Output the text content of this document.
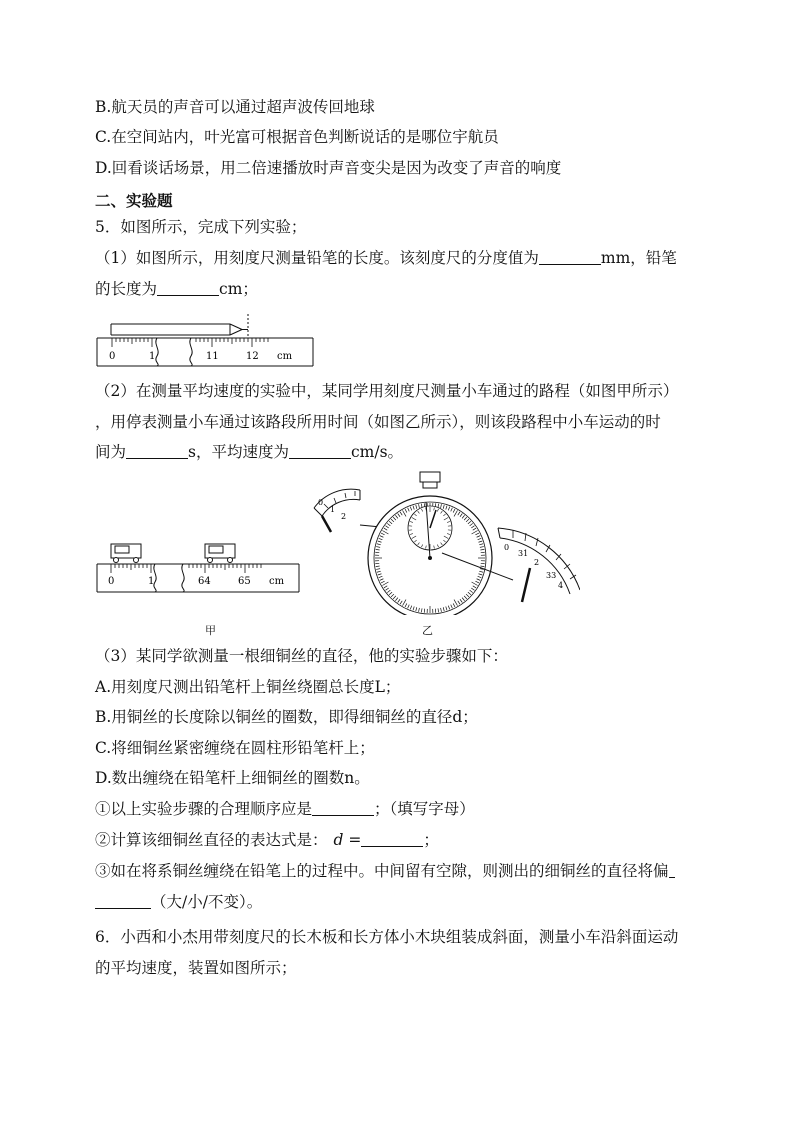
B.航天员的声音可以通过超声波传回地球
C.在空间站内，叶光富可根据音色判断说话的是哪位宇航员
D.回看谈话场景，用二倍速播放时声音变尖是因为改变了声音的响度
二、实验题
5．如图所示，完成下列实验；
（1）如图所示，用刻度尺测量铅笔的长度。该刻度尺的分度值为	mm，铅笔
的长度为	cm；
0	1	11	12 cm
（2）在测量平均速度的实验中，某同学用刻度尺测量小车通过的路程（如图甲所示）
，用停表测量小车通过该路段所用时间（如图乙所示），则该段路程中小车运动的时
间为	s，平均速度为	cm/s。
0	1	64	65 cm
0
1
2
0
31
2
33
4
甲	乙
（3）某同学欲测量一根细铜丝的直径，他的实验步骤如下：
A.用刻度尺测出铅笔杆上铜丝绕圈总长度L；
B.用铜丝的长度除以铜丝的圈数，即得细铜丝的直径d；
C.将细铜丝紧密缠绕在圆柱形铅笔杆上；
D.数出缠绕在铅笔杆上细铜丝的圈数n。
①以上实验步骤的合理顺序应是	；（填写字母）
②计算该细铜丝直径的表达式是： d =	；
③如在将系铜丝缠绕在铅笔上的过程中。中间留有空隙，则测出的细铜丝的直径将偏
（大/小/不变）。
6．小西和小杰用带刻度尺的长木板和长方体小木块组装成斜面，测量小车沿斜面运动
的平均速度，装置如图所示；
